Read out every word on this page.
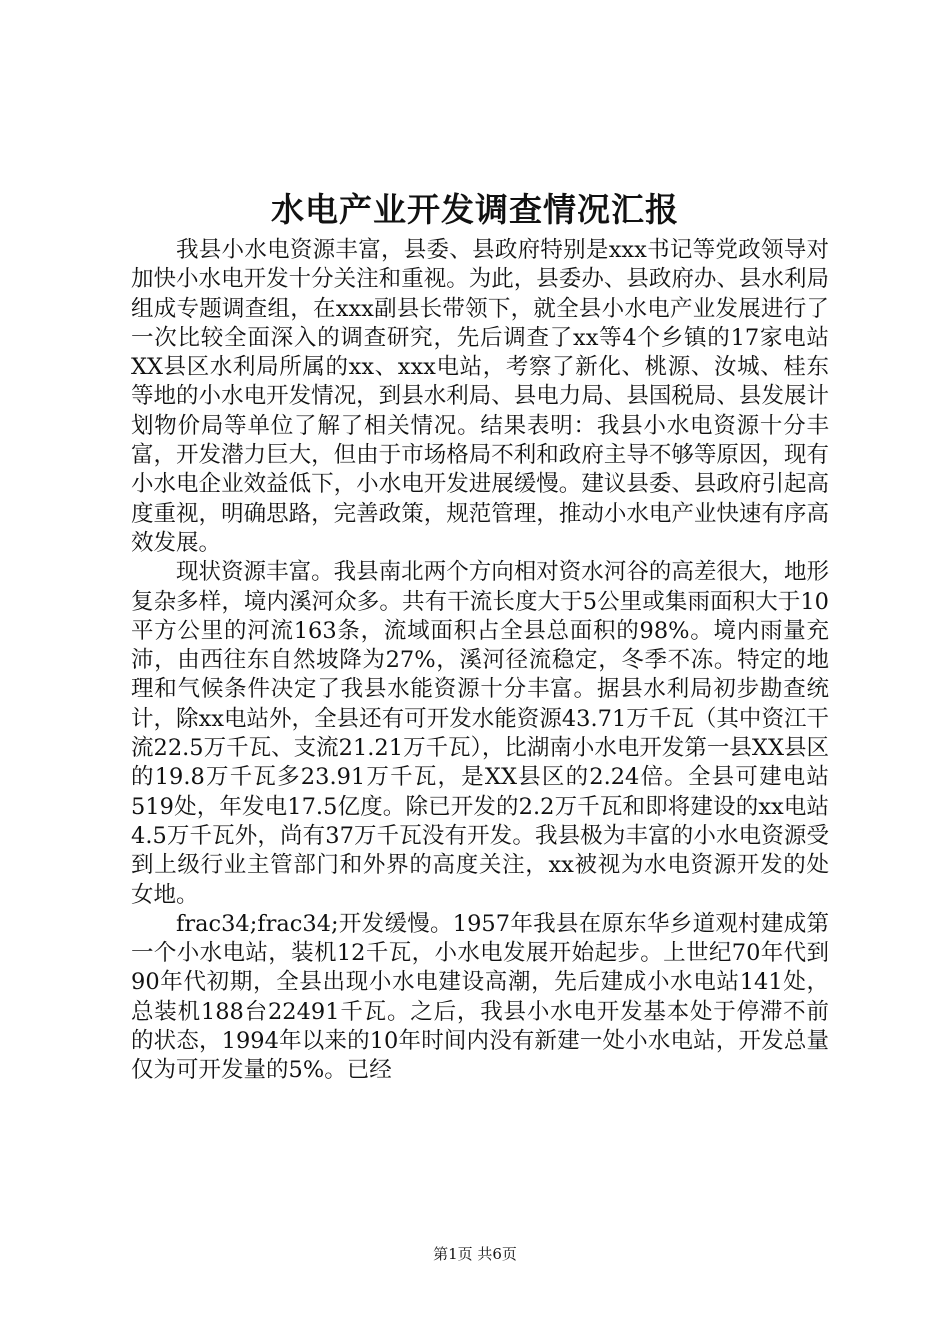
水电产业开发调查情况汇报

我县小水电资源丰富，县委、县政府特别是xxx书记等党政领导对加快小水电开发十分关注和重视。为此，县委办、县政府办、县水利局组成专题调查组，在xxx副县长带领下，就全县小水电产业发展进行了一次比较全面深入的调查研究，先后调查了xx等4个乡镇的17家电站XX县区水利局所属的xx、xxx电站，考察了新化、桃源、汝城、桂东等地的小水电开发情况，到县水利局、县电力局、县国税局、县发展计划物价局等单位了解了相关情况。结果表明：我县小水电资源十分丰富，开发潜力巨大，但由于市场格局不利和政府主导不够等原因，现有小水电企业效益低下，小水电开发进展缓慢。建议县委、县政府引起高度重视，明确思路，完善政策，规范管理，推动小水电产业快速有序高效发展。

现状资源丰富。我县南北两个方向相对资水河谷的高差很大，地形复杂多样，境内溪河众多。共有干流长度大于5公里或集雨面积大于10平方公里的河流163条，流域面积占全县总面积的98%。境内雨量充沛，由西往东自然坡降为27%，溪河径流稳定，冬季不冻。特定的地理和气候条件决定了我县水能资源十分丰富。据县水利局初步勘查统计，除xx电站外，全县还有可开发水能资源43.71万千瓦（其中资江干流22.5万千瓦、支流21.21万千瓦），比湖南小水电开发第一县XX县区的19.8万千瓦多23.91万千瓦，是XX县区的2.24倍。全县可建电站519处，年发电17.5亿度。除已开发的2.2万千瓦和即将建设的xx电站4.5万千瓦外，尚有37万千瓦没有开发。我县极为丰富的小水电资源受到上级行业主管部门和外界的高度关注，xx被视为水电资源开发的处女地。

frac34;frac34;开发缓慢。1957年我县在原东华乡道观村建成第一个小水电站，装机12千瓦，小水电发展开始起步。上世纪70年代到90年代初期，全县出现小水电建设高潮，先后建成小水电站141处，总装机188台22491千瓦。之后，我县小水电开发基本处于停滞不前的状态，1994年以来的10年时间内没有新建一处小水电站，开发总量仅为可开发量的5%。已经

第1页 共6页
